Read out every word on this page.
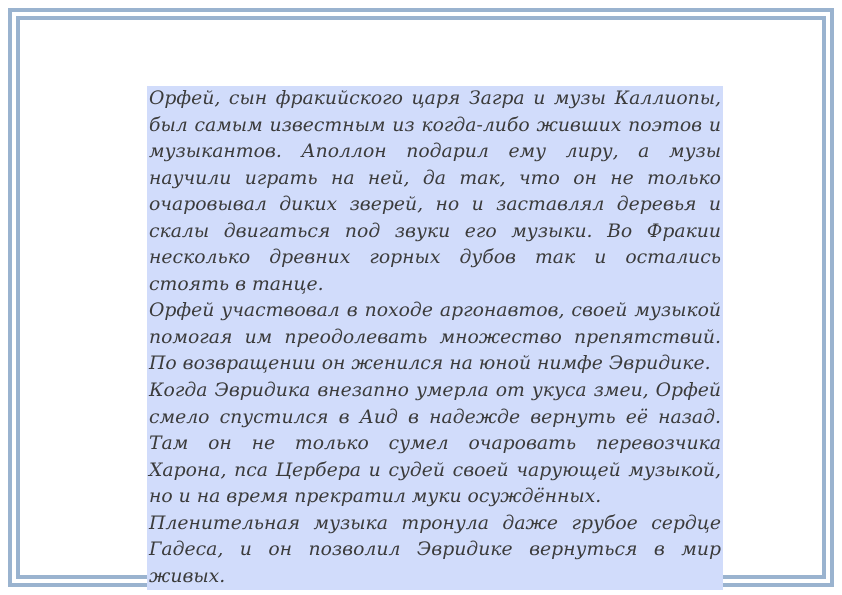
Орфей, сын фракийского царя Загра и музы Каллиопы, был самым известным из когда-либо живших поэтов и музыкантов. Аполлон подарил ему лиру, а музы научили играть на ней, да так, что он не только очаровывал диких зверей, но и заставлял деревья и скалы двигаться под звуки его музыки. Во Фракии несколько древних горных дубов так и остались стоять в танце.

Орфей участвовал в походе аргонавтов, своей музыкой помогая им преодолевать множество препятствий. По возвращении он женился на юной нимфе Эвридике.

Когда Эвридика внезапно умерла от укуса змеи, Орфей смело спустился в Аид в надежде вернуть её назад. Там он не только сумел очаровать перевозчика Харона, пса Цербера и судей своей чарующей музыкой, но и на время прекратил муки осуждённых.

Пленительная музыка тронула даже грубое сердце Гадеса, и он позволил Эвридике вернуться в мир живых.
